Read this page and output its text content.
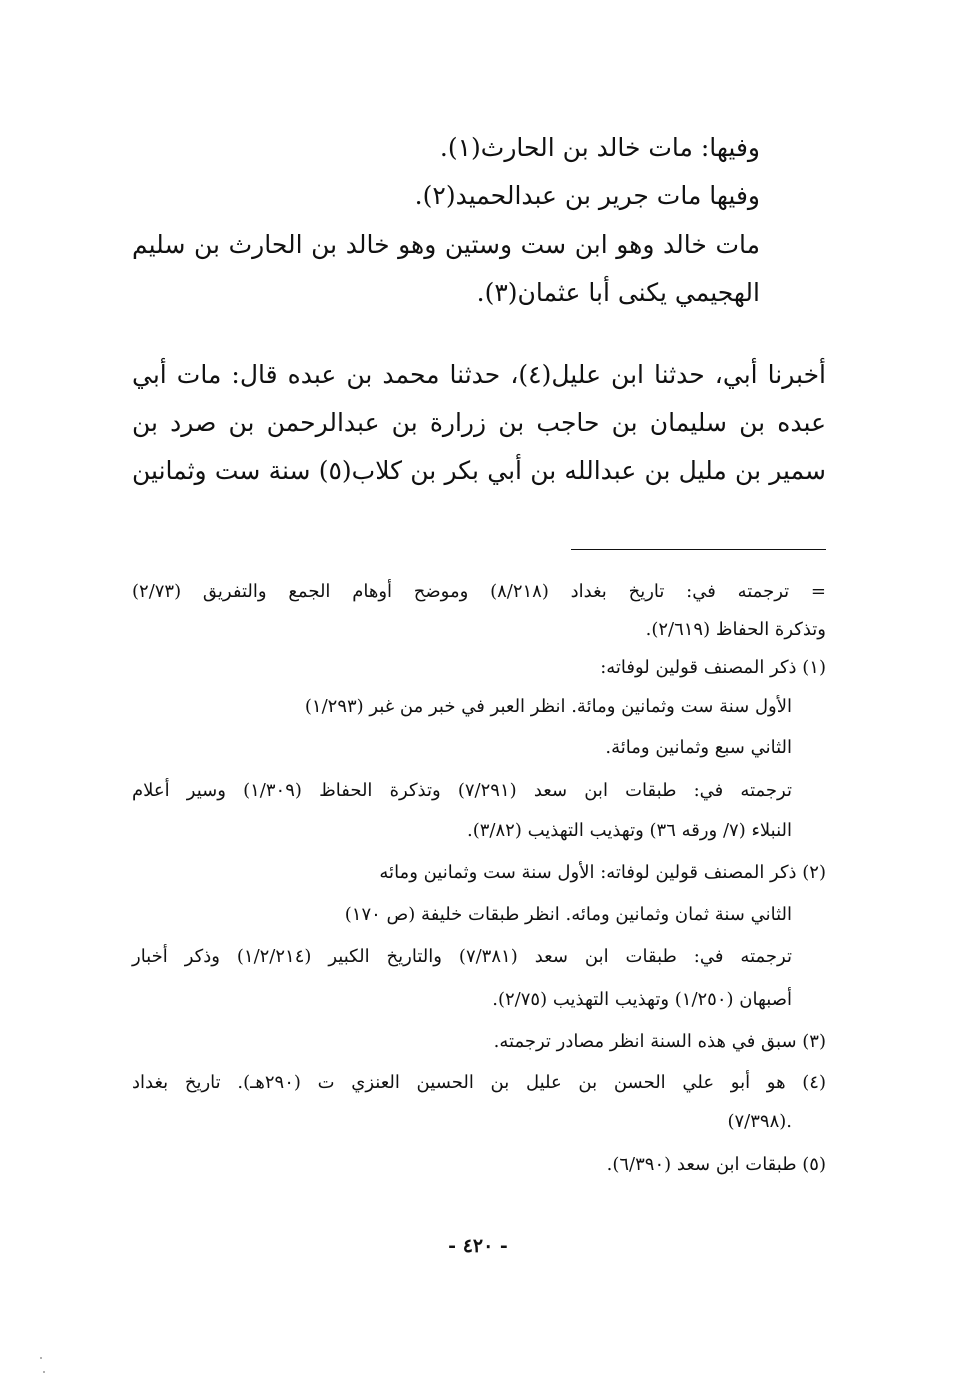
وفيها: مات خالد بن الحارث(١).
وفيها مات جرير بن عبدالحميد(٢).
مات خالد وهو ابن ست وستين وهو خالد بن الحارث بن سليم
الهجيمي يكنى أبا عثمان(٣).
أخبرنا أبي، حدثنا ابن عليل(٤)، حدثنا محمد بن عبده قال: مات أبي
عبده بن سليمان بن حاجب بن زرارة بن عبدالرحمن بن صرد بن
سمير بن مليل بن عبدالله بن أبي بكر بن كلاب(٥) سنة ست وثمانين
= ترجمته في: تاريخ بغداد (٨/٢١٨) وموضح أوهام الجمع والتفريق (٢/٧٣)
وتذكرة الحفاظ (٢/٦١٩).
(١) ذكر المصنف قولين لوفاته:
الأول سنة ست وثمانين ومائة. انظر العبر في خبر من غبر (١/٢٩٣)
الثاني سبع وثمانين ومائة.
ترجمته في: طبقات ابن سعد (٧/٢٩١) وتذكرة الحفاظ (١/٣٠٩) وسير أعلام
النبلاء (٧/ ورقه ٣٦) وتهذيب التهذيب (٣/٨٢).
(٢) ذكر المصنف قولين لوفاته: الأول سنة ست وثمانين ومائه
الثاني سنة ثمان وثمانين ومائه. انظر طبقات خليفة (ص ١٧٠)
ترجمته في: طبقات ابن سعد (٧/٣٨١) والتاريخ الكبير (١/٢/٢١٤) وذكر أخبار
أصبهان (١/٢٥٠) وتهذيب التهذيب (٢/٧٥).
(٣) سبق في هذه السنة انظر مصادر ترجمته.
(٤) هو أبو علي الحسن بن عليل بن الحسين العنزي ت (٢٩٠هـ). تاريخ بغداد
(٧/٣٩٨).
(٥) طبقات ابن سعد (٦/٣٩٠).
- ٤٢٠ -
